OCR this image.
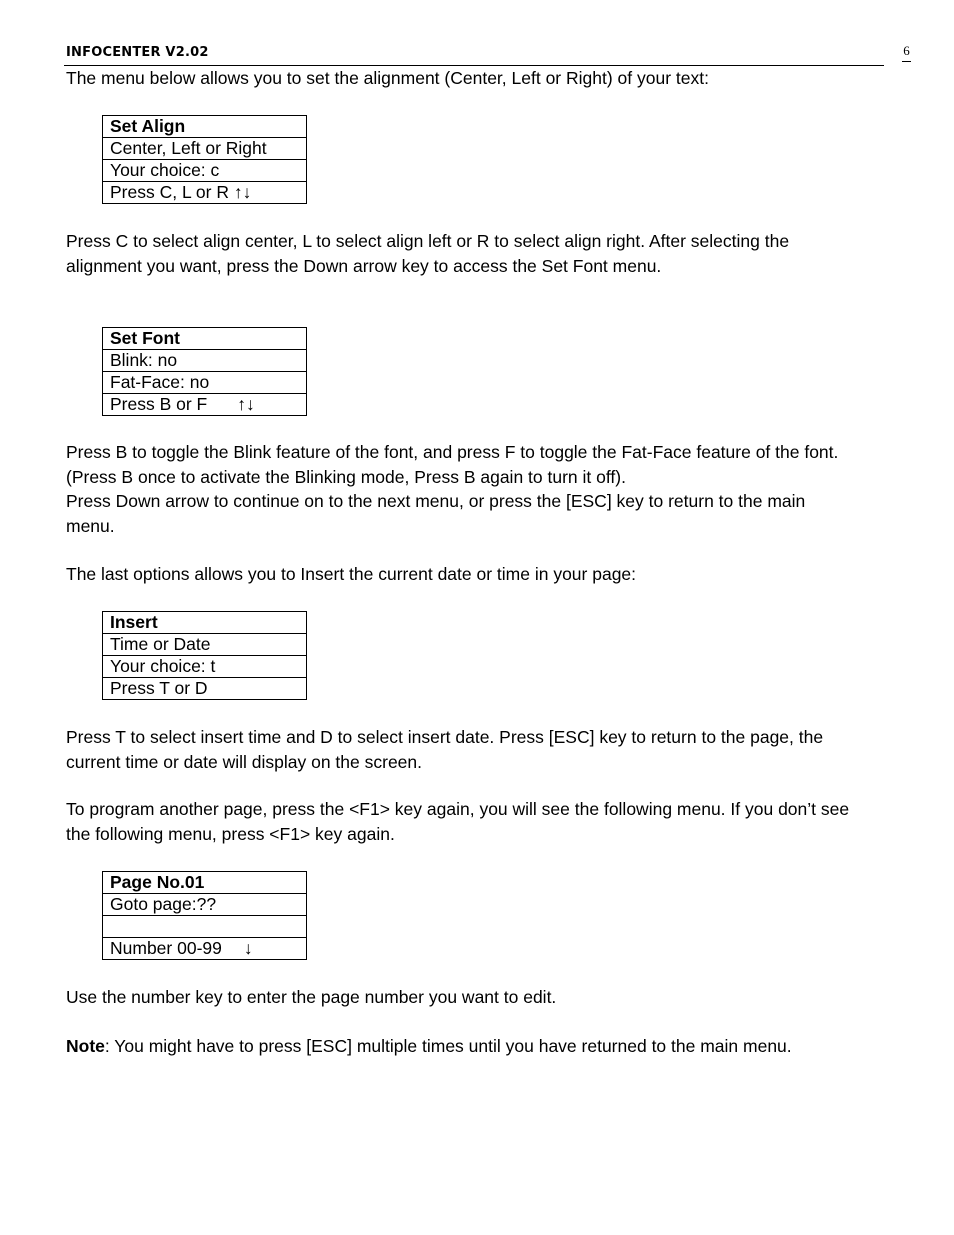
INFOCENTER V2.02	6

The menu below allows you to set the alignment (Center, Left or Right) of your text:

Set Align
Center, Left or Right
Your choice: c
Press C, L or R ↑↓
Press C to select align center, L to select align left or R to select align right. After selecting the
alignment you want, press the Down arrow key to access the Set Font menu.
Set Font
Blink: no
Fat-Face: no
Press B or F ↑↓
Press B to toggle the Blink feature of the font, and press F to toggle the Fat-Face feature of the font.
(Press B once to activate the Blinking mode, Press B again to turn it off).
Press Down arrow to continue on to the next menu, or press the [ESC] key to return to the main
menu.

The last options allows you to Insert the current date or time in your page:

Insert
Time or Date
Your choice: t
Press T or D
Press T to select insert time and D to select insert date. Press [ESC] key to return to the page, the
current time or date will display on the screen.
To program another page, press the <F1> key again, you will see the following menu. If you don’t see
the following menu, press <F1> key again.
Page No.01
Goto page:??

Number 00-99 ↓

Use the number key to enter the page number you want to edit.

Note: You might have to press [ESC] multiple times until you have returned to the main menu.
